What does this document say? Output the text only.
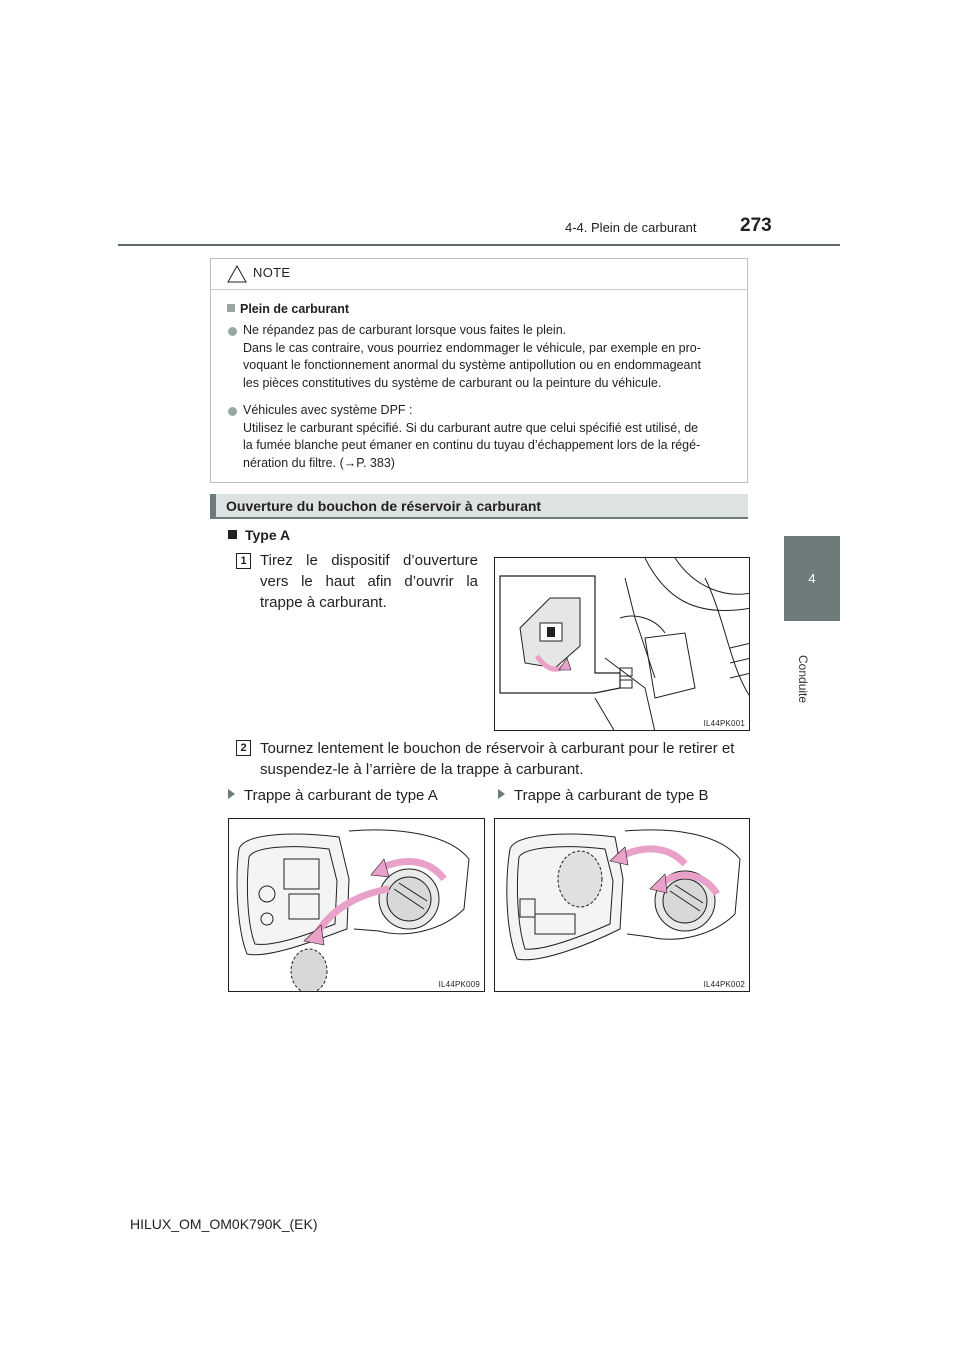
4-4. Plein de carburant 273
4
Conduite
NOTE
Plein de carburant
Ne répandez pas de carburant lorsque vous faites le plein.
Dans le cas contraire, vous pourriez endommager le véhicule, par exemple en pro-
voquant le fonctionnement anormal du système antipollution ou en endommageant
les pièces constitutives du système de carburant ou la peinture du véhicule.
Véhicules avec système DPF :
Utilisez le carburant spécifié. Si du carburant autre que celui spécifié est utilisé, de
la fumée blanche peut émaner en continu du tuyau d’échappement lors de la régé-
nération du filtre. (→P. 383)
Ouverture du bouchon de réservoir à carburant
Type A
1 Tirez le dispositif d’ouverture vers le haut afin d’ouvrir la trappe à carburant.
IL44PK001
2 Tournez lentement le bouchon de réservoir à carburant pour le retirer et suspendez-le à l’arrière de la trappe à carburant.
Trappe à carburant de type A	Trappe à carburant de type B
IL44PK009	IL44PK002
HILUX_OM_OM0K790K_(EK)
